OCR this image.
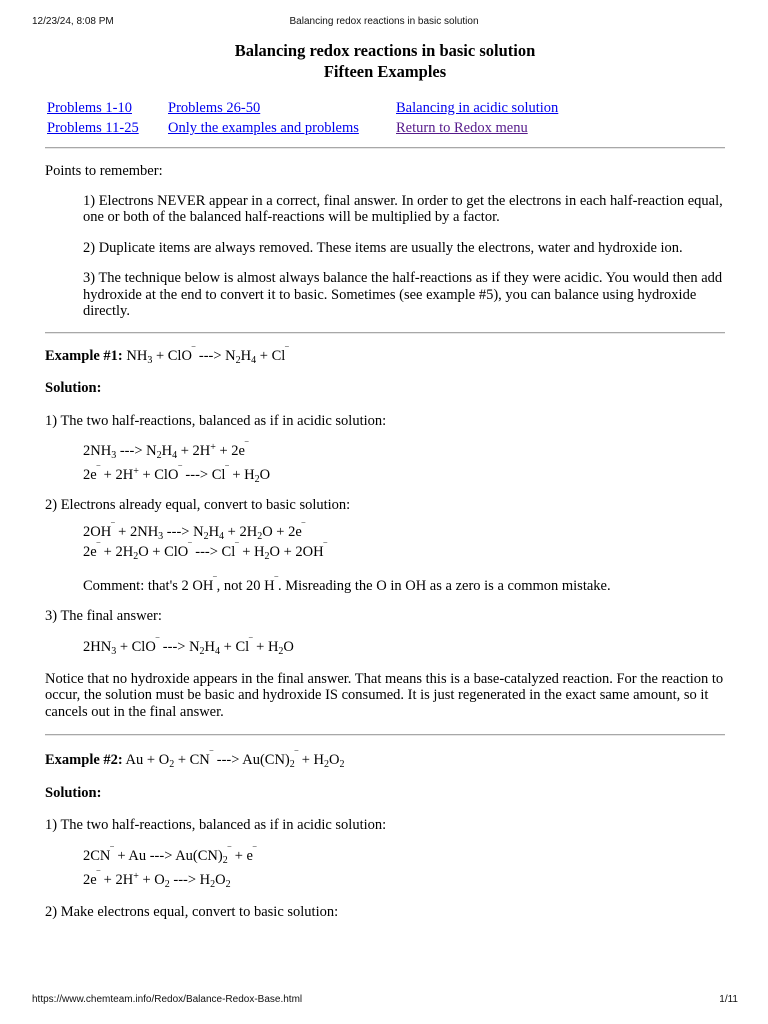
12/23/24, 8:08 PM	Balancing redox reactions in basic solution

Balancing redox reactions in basic solution

Fifteen Examples

Problems 1-10
Problems 11-25
Problems 26-50
Only the examples and problems
Balancing in acidic solution
Return to Redox menu

Points to remember:

1) Electrons NEVER appear in a correct, final answer. In order to get the electrons in each half-reaction equal, one or both of the balanced half-reactions will be multiplied by a factor.

2) Duplicate items are always removed. These items are usually the electrons, water and hydroxide ion.

3) The technique below is almost always balance the half-reactions as if they were acidic. You would then add hydroxide at the end to convert it to basic. Sometimes (see example #5), you can balance using hydroxide directly.

Example #1: $NH_3 + ClO^‾$ ---> $N_2H_4 + Cl^‾$

Solution:

1) The two half-reactions, balanced as if in acidic solution:

$2NH_3$ ---> $N_2H_4 + 2H^+ + 2e^‾$

2e‾ + 2H+ + ClO‾ ---> $Cl^‾ + H_2O$

2) Electrons already equal, convert to basic solution:

$2OH^‾ + 2NH_3$ ---> $N_2H_4 + 2H_2O + 2e^‾$

$2e^‾ + 2H_2O + ClO^‾$ ---> $Cl^‾ + H_2O + 2OH^‾$

Comment: that's 2 OH‾, not 20 H‾. Misreading the O in OH as a zero is a common mistake.

3) The final answer:

$2HN_3 + ClO^‾$ ---> $N_2H_4 + Cl^‾ + H_2O$

Notice that no hydroxide appears in the final answer. That means this is a base-catalyzed reaction. For the reaction to occur, the solution must be basic and hydroxide IS consumed. It is just regenerated in the exact same amount, so it cancels out in the final answer.

Example #2: $Au + O_2 + CN^‾$ ---> $Au(CN)_2^‾ + H_2O_2$

Solution:

1) The two half-reactions, balanced as if in acidic solution:

2CN‾ + Au ---> $Au(CN)_2^‾ + e^‾$

$2e^‾ + 2H^+ + O_2$ ---> $H_2O_2$

2) Make electrons equal, convert to basic solution:

https://www.chemteam.info/Redox/Balance-Redox-Base.html	1/11
